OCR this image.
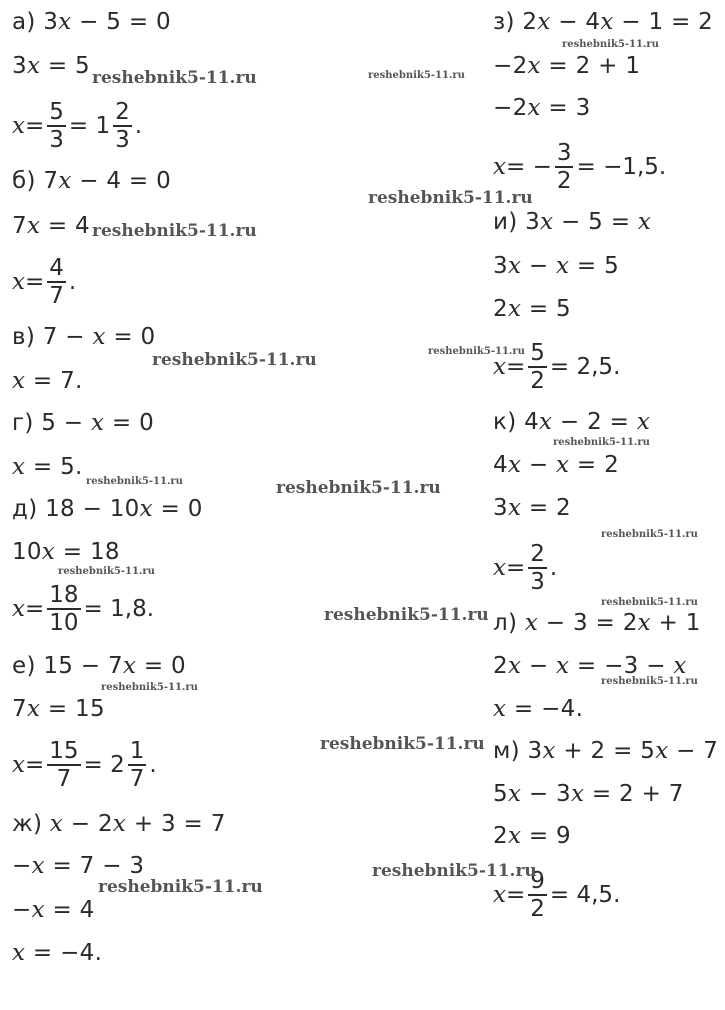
а) 3x − 5 = 0
3x = 5
$x = \frac{5}{3} = 1 \frac{2}{3}$ .
б) 7x − 4 = 0
7x = 4
$x = \frac{4}{7}$ .
в) 7 − x = 0
x = 7.
г) 5 − x = 0
x = 5.
д) 18 − 10x = 0
10x = 18
$x = \frac{18}{10} = 1,8$.
е) 15 − 7x = 0
7x = 15
$x = \frac{15}{7} = 2 \frac{1}{7}$ .
ж) x − 2x + 3 = 7
−x = 7 − 3
−x = 4
x = −4.
з) 2x − 4x − 1 = 2
−2x = 2 + 1
−2x = 3
x = − $\frac{3}{2} = -1,5$.
и) 3x − 5 = x
3x − x = 5
2x = 5
$x = \frac{5}{2} = 2,5$.
к) 4x − 2 = x
4x − x = 2
3x = 2
$x = \frac{2}{3}$ .
л) x − 3 = 2x + 1
2x − x = −3 − x
x = −4.
м) 3x + 2 = 5x − 7
5x − 3x = 2 + 7
2x = 9
$x = \frac{9}{2} = 4,5$.
reshebnik5-11.ru	reshebnik5-11.ru
reshebnik5-11.ru
reshebnik5-11.ru
reshebnik5-11.ru
reshebnik5-11.ru	reshebnik5-11.ru
reshebnik5-11.ru
reshebnik5-11.ru	reshebnik5-11.ru
reshebnik5-11.ru
reshebnik5-11.ru
reshebnik5-11.ru
reshebnik5-11.ru
reshebnik5-11.ru
reshebnik5-11.ru
reshebnik5-11.ru
reshebnik5-11.ru
reshebnik5-11.ru
